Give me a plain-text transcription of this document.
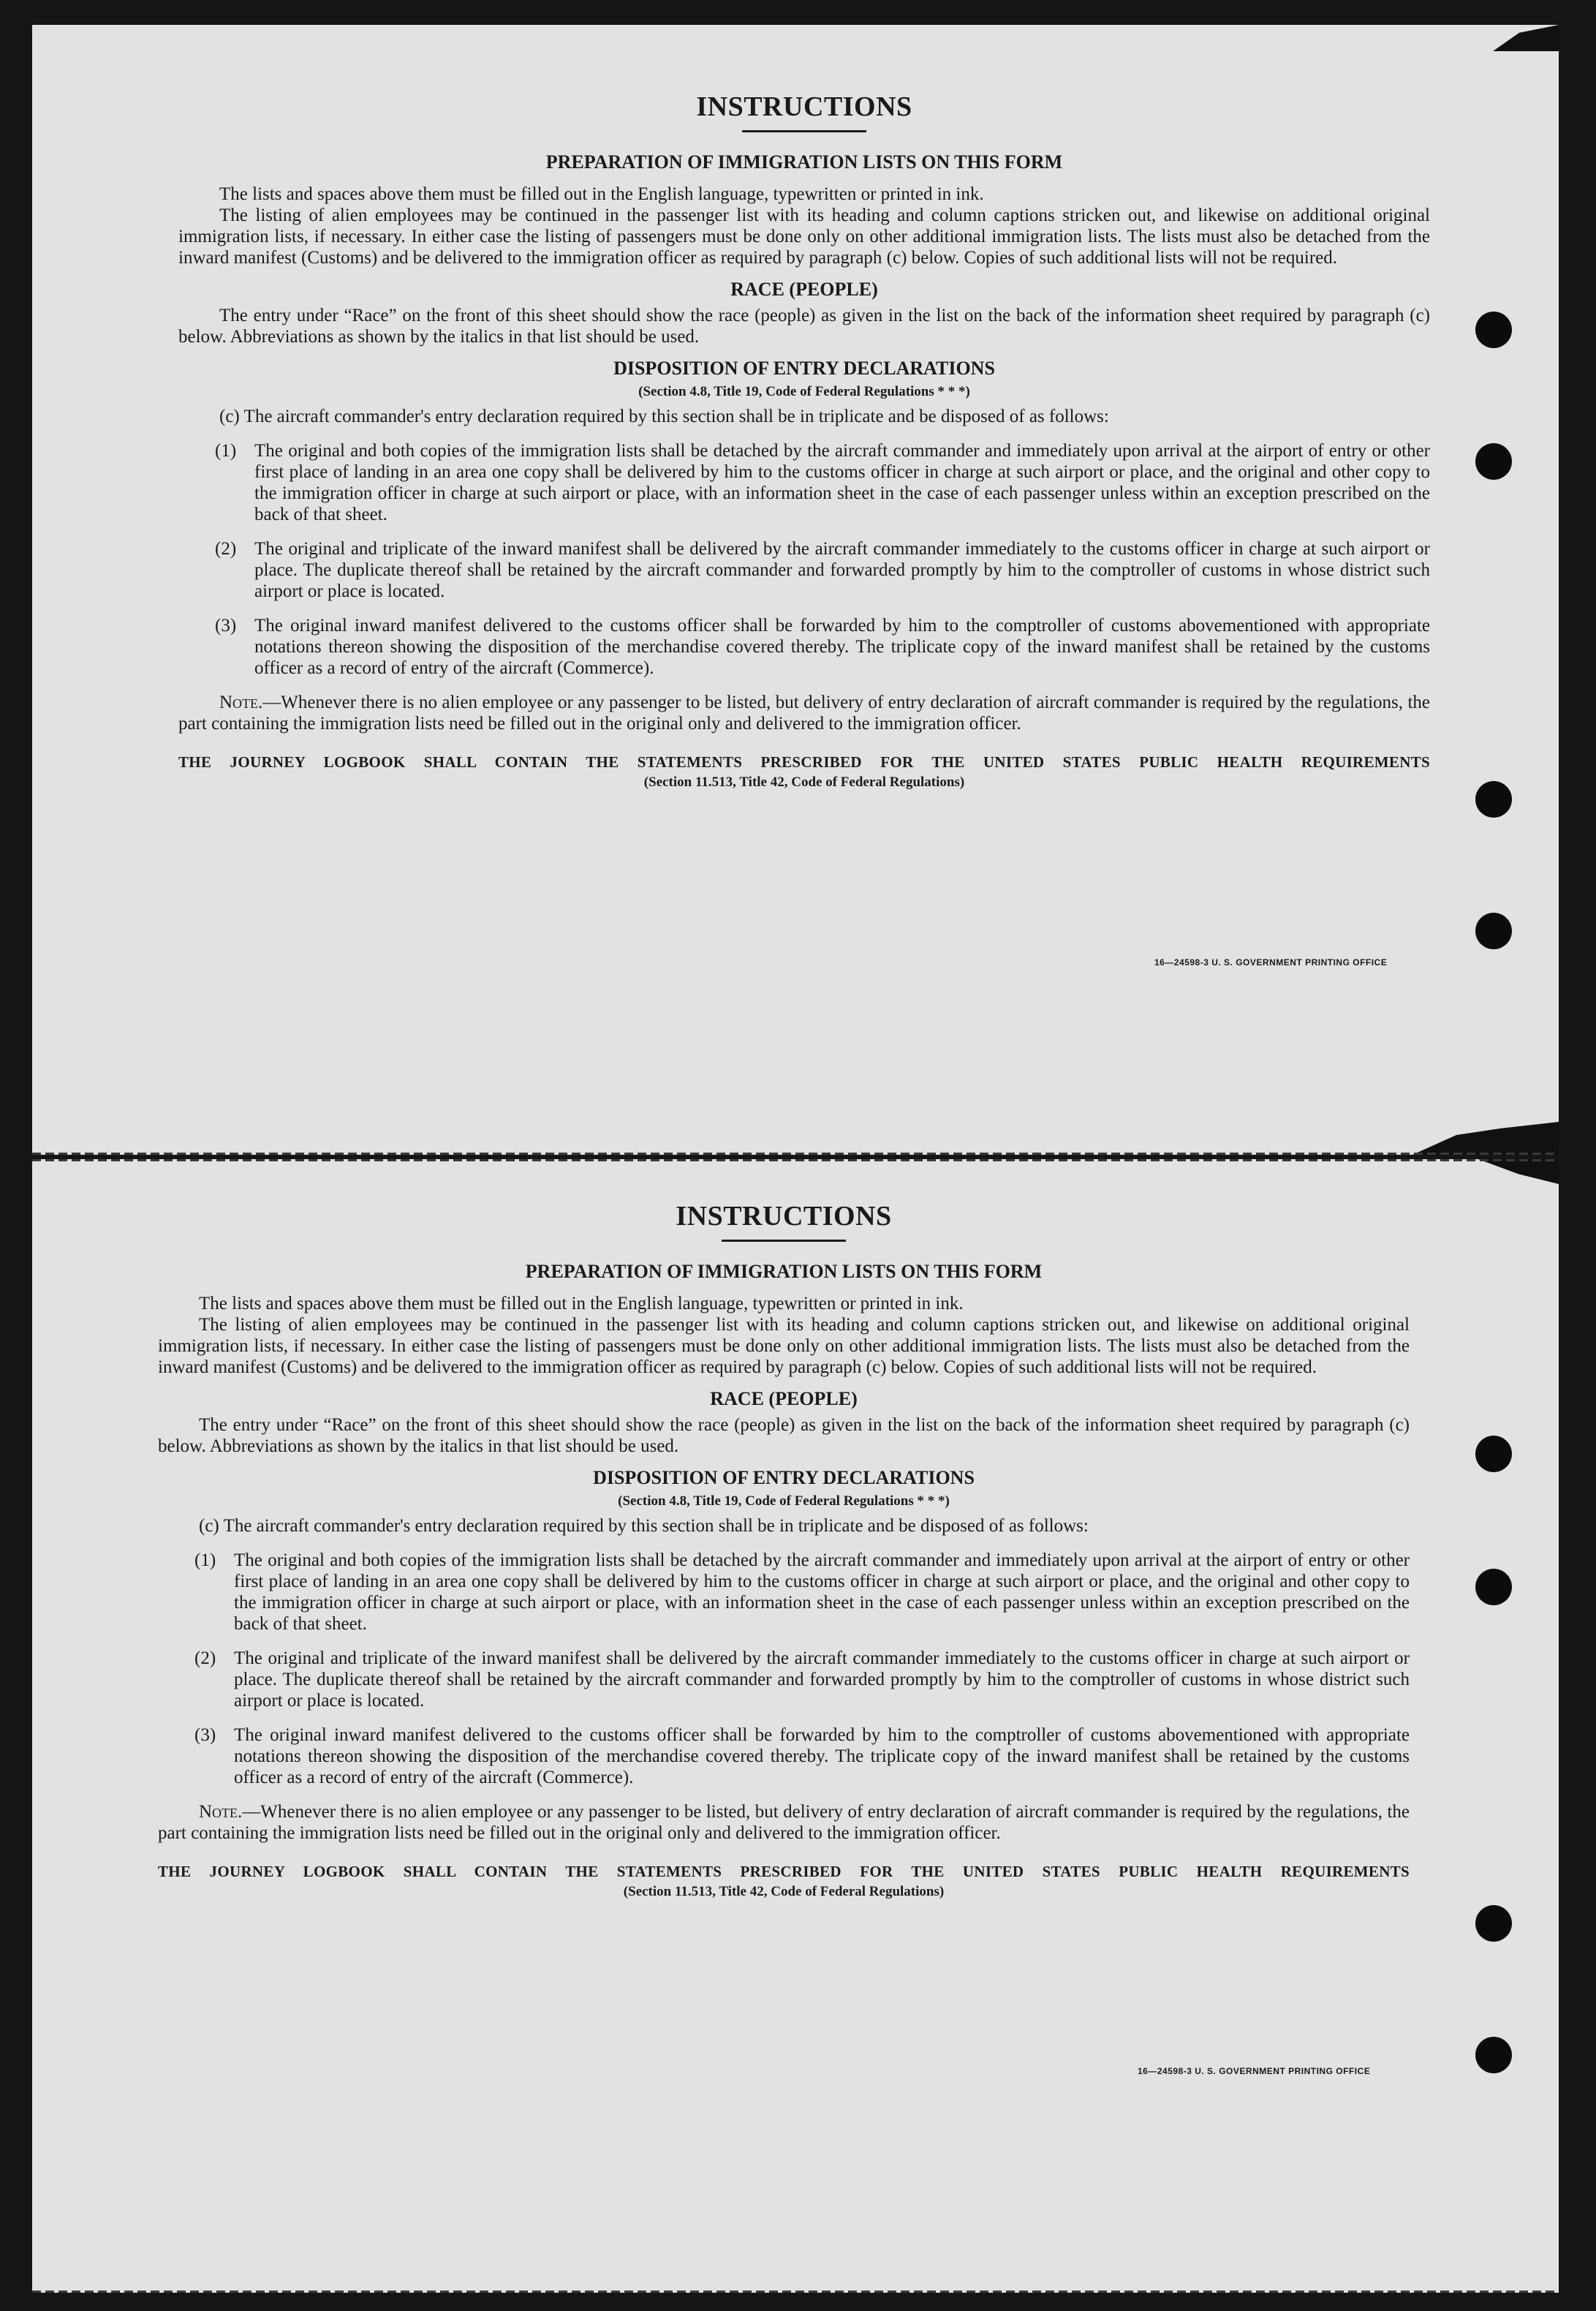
INSTRUCTIONS
PREPARATION OF IMMIGRATION LISTS ON THIS FORM

The lists and spaces above them must be filled out in the English language, typewritten or printed in ink.

The listing of alien employees may be continued in the passenger list with its heading and column captions stricken out, and likewise on additional original immigration lists, if necessary. In either case the listing of passengers must be done only on other additional immigration lists. The lists must also be detached from the inward manifest (Customs) and be delivered to the immigration officer as required by paragraph (c) below. Copies of such additional lists will not be required.

RACE (PEOPLE)

The entry under “Race” on the front of this sheet should show the race (people) as given in the list on the back of the information sheet required by paragraph (c) below. Abbreviations as shown by the italics in that list should be used.

DISPOSITION OF ENTRY DECLARATIONS
(Section 4.8, Title 19, Code of Federal Regulations * * *)

(c) The aircraft commander's entry declaration required by this section shall be in triplicate and be disposed of as follows:

(1) The original and both copies of the immigration lists shall be detached by the aircraft commander and immediately upon arrival at the airport of entry or other first place of landing in an area one copy shall be delivered by him to the customs officer in charge at such airport or place, and the original and other copy to the immigration officer in charge at such airport or place, with an information sheet in the case of each passenger unless within an exception prescribed on the back of that sheet.

(2) The original and triplicate of the inward manifest shall be delivered by the aircraft commander immediately to the customs officer in charge at such airport or place. The duplicate thereof shall be retained by the aircraft commander and forwarded promptly by him to the comptroller of customs in whose district such airport or place is located.

(3) The original inward manifest delivered to the customs officer shall be forwarded by him to the comptroller of customs abovementioned with appropriate notations thereon showing the disposition of the merchandise covered thereby. The triplicate copy of the inward manifest shall be retained by the customs officer as a record of entry of the aircraft (Commerce).

Note.—Whenever there is no alien employee or any passenger to be listed, but delivery of entry declaration of aircraft commander is required by the regulations, the part containing the immigration lists need be filled out in the original only and delivered to the immigration officer.

THE JOURNEY LOGBOOK SHALL CONTAIN THE STATEMENTS PRESCRIBED FOR THE UNITED STATES PUBLIC HEALTH REQUIREMENTS
(Section 11.513, Title 42, Code of Federal Regulations)
16—24598-3 U. S. GOVERNMENT PRINTING OFFICE
INSTRUCTIONS
PREPARATION OF IMMIGRATION LISTS ON THIS FORM

The lists and spaces above them must be filled out in the English language, typewritten or printed in ink.

The listing of alien employees may be continued in the passenger list with its heading and column captions stricken out, and likewise on additional original immigration lists, if necessary. In either case the listing of passengers must be done only on other additional immigration lists. The lists must also be detached from the inward manifest (Customs) and be delivered to the immigration officer as required by paragraph (c) below. Copies of such additional lists will not be required.

RACE (PEOPLE)

The entry under “Race” on the front of this sheet should show the race (people) as given in the list on the back of the information sheet required by paragraph (c) below. Abbreviations as shown by the italics in that list should be used.

DISPOSITION OF ENTRY DECLARATIONS
(Section 4.8, Title 19, Code of Federal Regulations * * *)

(c) The aircraft commander's entry declaration required by this section shall be in triplicate and be disposed of as follows:

(1) The original and both copies of the immigration lists shall be detached by the aircraft commander and immediately upon arrival at the airport of entry or other first place of landing in an area one copy shall be delivered by him to the customs officer in charge at such airport or place, and the original and other copy to the immigration officer in charge at such airport or place, with an information sheet in the case of each passenger unless within an exception prescribed on the back of that sheet.

(2) The original and triplicate of the inward manifest shall be delivered by the aircraft commander immediately to the customs officer in charge at such airport or place. The duplicate thereof shall be retained by the aircraft commander and forwarded promptly by him to the comptroller of customs in whose district such airport or place is located.

(3) The original inward manifest delivered to the customs officer shall be forwarded by him to the comptroller of customs abovementioned with appropriate notations thereon showing the disposition of the merchandise covered thereby. The triplicate copy of the inward manifest shall be retained by the customs officer as a record of entry of the aircraft (Commerce).

Note.—Whenever there is no alien employee or any passenger to be listed, but delivery of entry declaration of aircraft commander is required by the regulations, the part containing the immigration lists need be filled out in the original only and delivered to the immigration officer.

THE JOURNEY LOGBOOK SHALL CONTAIN THE STATEMENTS PRESCRIBED FOR THE UNITED STATES PUBLIC HEALTH REQUIREMENTS
(Section 11.513, Title 42, Code of Federal Regulations)
16—24598-3 U. S. GOVERNMENT PRINTING OFFICE
